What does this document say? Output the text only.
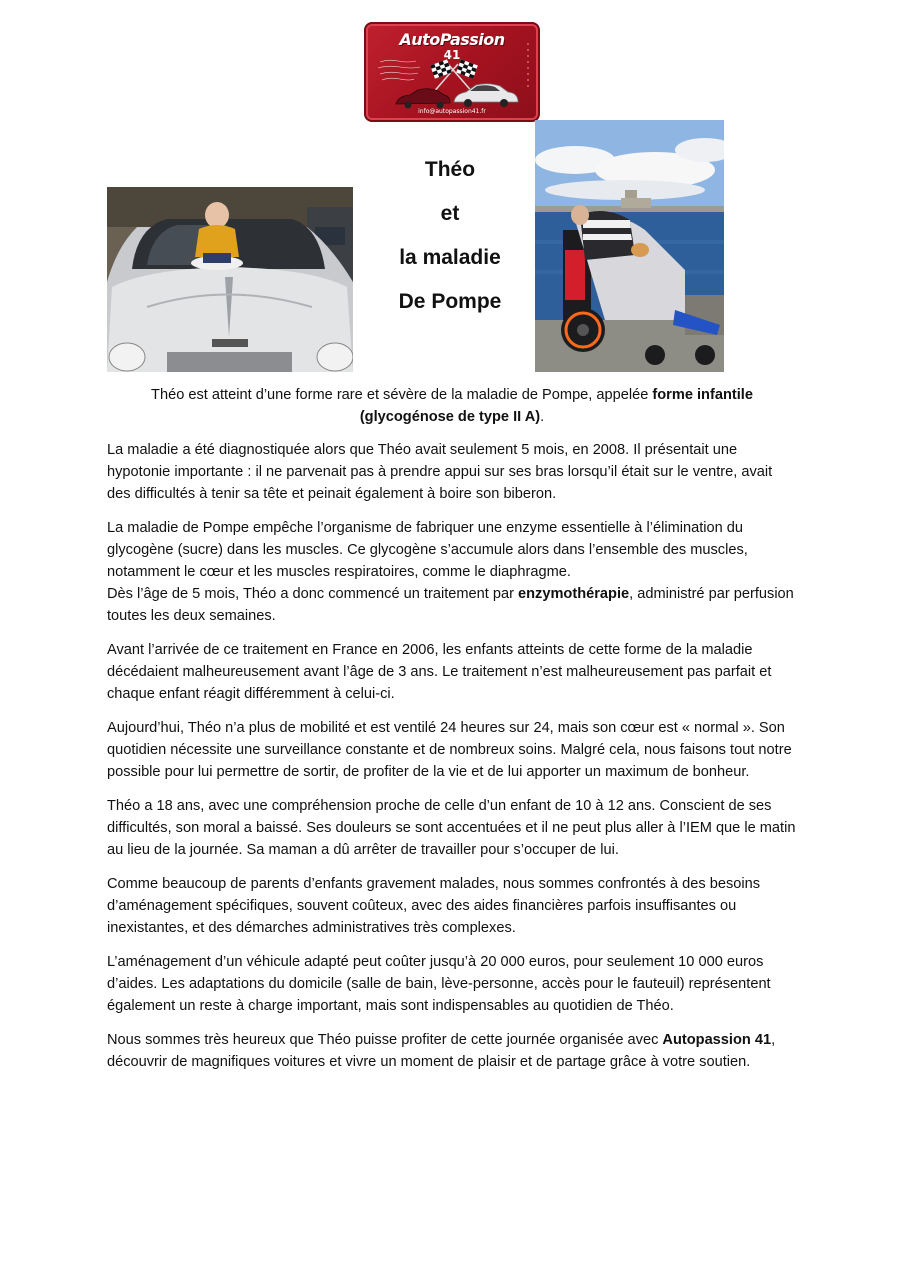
AutoPassion
41
info@autopassion41.fr
Théo
et
la maladie
De Pompe

Théo est atteint d’une forme rare et sévère de la maladie de Pompe, appelée forme infantile (glycogénose de type II A).

La maladie a été diagnostiquée alors que Théo avait seulement 5 mois, en 2008. Il présentait une hypotonie importante : il ne parvenait pas à prendre appui sur ses bras lorsqu’il était sur le ventre, avait des difficultés à tenir sa tête et peinait également à boire son biberon.

La maladie de Pompe empêche l’organisme de fabriquer une enzyme essentielle à l’élimination du glycogène (sucre) dans les muscles. Ce glycogène s’accumule alors dans l’ensemble des muscles, notamment le cœur et les muscles respiratoires, comme le diaphragme.

Dès l’âge de 5 mois, Théo a donc commencé un traitement par enzymothérapie, administré par perfusion toutes les deux semaines.

Avant l’arrivée de ce traitement en France en 2006, les enfants atteints de cette forme de la maladie décédaient malheureusement avant l’âge de 3 ans. Le traitement n’est malheureusement pas parfait et chaque enfant réagit différemment à celui-ci.

Aujourd’hui, Théo n’a plus de mobilité et est ventilé 24 heures sur 24, mais son cœur est « normal ». Son quotidien nécessite une surveillance constante et de nombreux soins. Malgré cela, nous faisons tout notre possible pour lui permettre de sortir, de profiter de la vie et de lui apporter un maximum de bonheur.

Théo a 18 ans, avec une compréhension proche de celle d’un enfant de 10 à 12 ans. Conscient de ses difficultés, son moral a baissé. Ses douleurs se sont accentuées et il ne peut plus aller à l’IEM que le matin au lieu de la journée. Sa maman a dû arrêter de travailler pour s’occuper de lui.

Comme beaucoup de parents d’enfants gravement malades, nous sommes confrontés à des besoins d’aménagement spécifiques, souvent coûteux, avec des aides financières parfois insuffisantes ou inexistantes, et des démarches administratives très complexes.

L’aménagement d’un véhicule adapté peut coûter jusqu’à 20 000 euros, pour seulement 10 000 euros d’aides. Les adaptations du domicile (salle de bain, lève-personne, accès pour le fauteuil) représentent également un reste à charge important, mais sont indispensables au quotidien de Théo.

Nous sommes très heureux que Théo puisse profiter de cette journée organisée avec Autopassion 41, découvrir de magnifiques voitures et vivre un moment de plaisir et de partage grâce à votre soutien.
